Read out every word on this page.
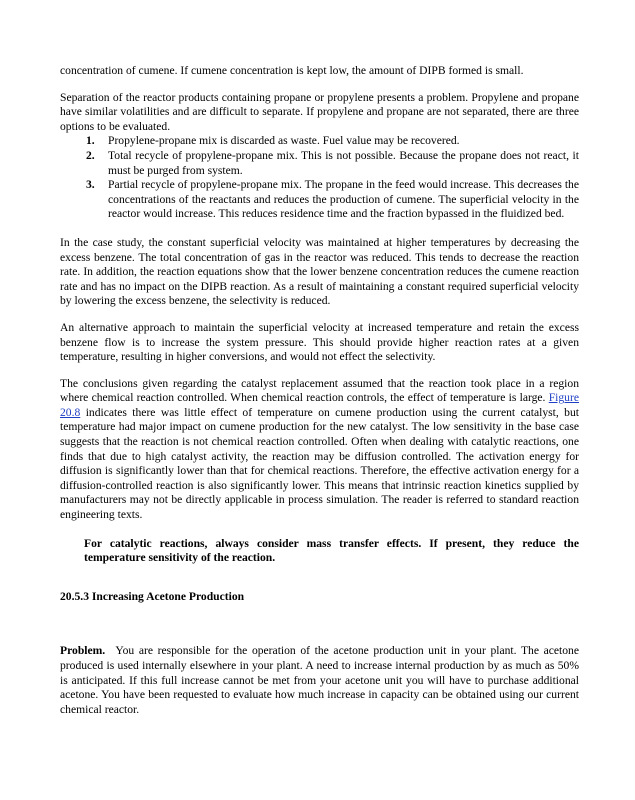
concentration of cumene. If cumene concentration is kept low, the amount of DIPB formed is small.

Separation of the reactor products containing propane or propylene presents a problem. Propylene and propane have similar volatilities and are difficult to separate. If propylene and propane are not separated, there are three options to be evaluated.

1. Propylene-propane mix is discarded as waste. Fuel value may be recovered.
2. Total recycle of propylene-propane mix. This is not possible. Because the propane does not react, it must be purged from system.
3. Partial recycle of propylene-propane mix. The propane in the feed would increase. This decreases the concentrations of the reactants and reduces the production of cumene. The superficial velocity in the reactor would increase. This reduces residence time and the fraction bypassed in the fluidized bed.

In the case study, the constant superficial velocity was maintained at higher temperatures by decreasing the excess benzene. The total concentration of gas in the reactor was reduced. This tends to decrease the reaction rate. In addition, the reaction equations show that the lower benzene concentration reduces the cumene reaction rate and has no impact on the DIPB reaction. As a result of maintaining a constant required superficial velocity by lowering the excess benzene, the selectivity is reduced.

An alternative approach to maintain the superficial velocity at increased temperature and retain the excess benzene flow is to increase the system pressure. This should provide higher reaction rates at a given temperature, resulting in higher conversions, and would not effect the selectivity.

The conclusions given regarding the catalyst replacement assumed that the reaction took place in a region where chemical reaction controlled. When chemical reaction controls, the effect of temperature is large. Figure 20.8 indicates there was little effect of temperature on cumene production using the current catalyst, but temperature had major impact on cumene production for the new catalyst. The low sensitivity in the base case suggests that the reaction is not chemical reaction controlled. Often when dealing with catalytic reactions, one finds that due to high catalyst activity, the reaction may be diffusion controlled. The activation energy for diffusion is significantly lower than that for chemical reactions. Therefore, the effective activation energy for a diffusion-controlled reaction is also significantly lower. This means that intrinsic reaction kinetics supplied by manufacturers may not be directly applicable in process simulation. The reader is referred to standard reaction engineering texts.

For catalytic reactions, always consider mass transfer effects. If present, they reduce the temperature sensitivity of the reaction.

20.5.3 Increasing Acetone Production

Problem. You are responsible for the operation of the acetone production unit in your plant. The acetone produced is used internally elsewhere in your plant. A need to increase internal production by as much as 50% is anticipated. If this full increase cannot be met from your acetone unit you will have to purchase additional acetone. You have been requested to evaluate how much increase in capacity can be obtained using our current chemical reactor.
